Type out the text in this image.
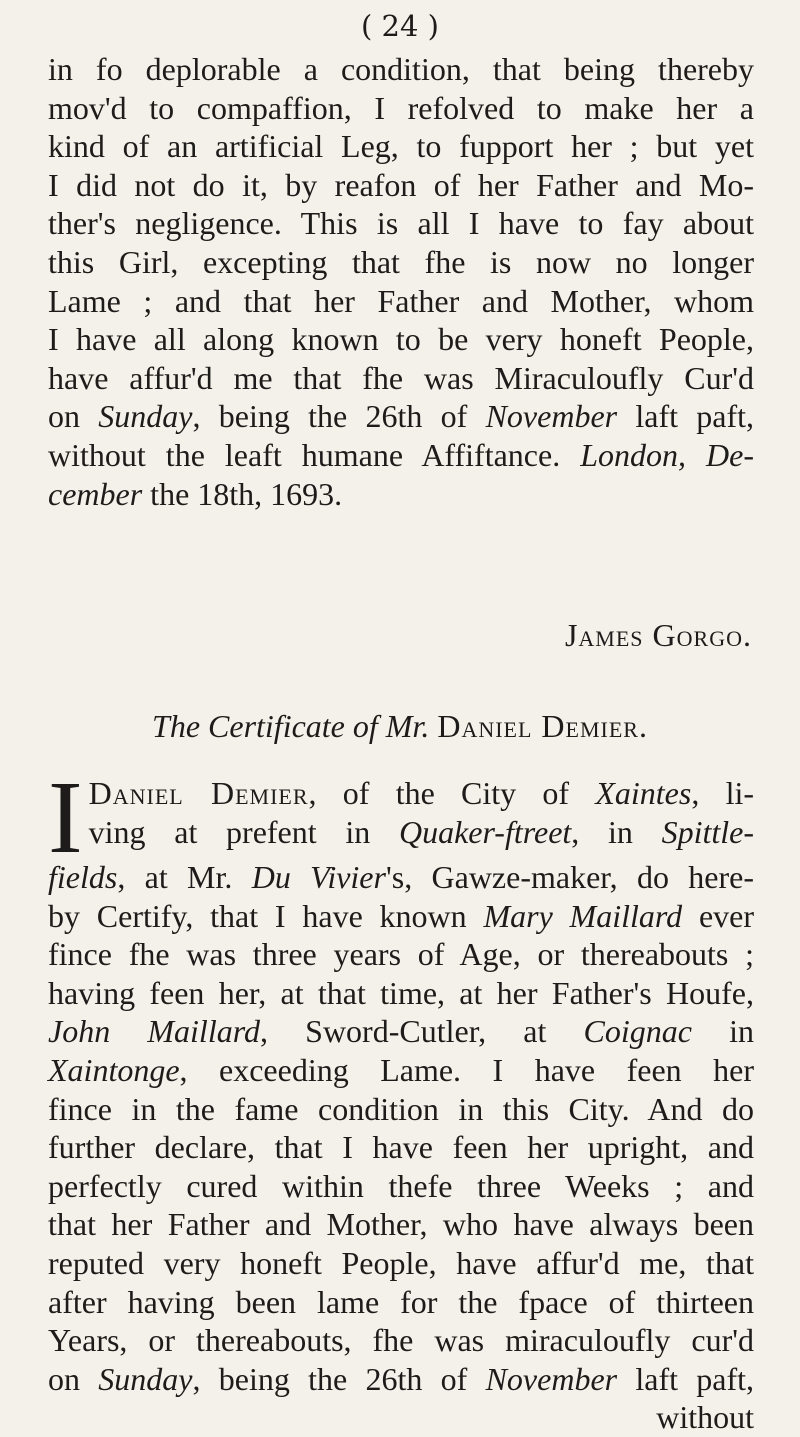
( 24 )
in fo deplorable a condition, that being thereby
mov'd to compaffion, I refolved to make her a
kind of an artificial Leg, to fupport her ; but yet
I did not do it, by reafon of her Father and Mo-
ther's negligence. This is all I have to fay about
this Girl, excepting that fhe is now no longer
Lame ; and that her Father and Mother, whom
I have all along known to be very honeft People,
have affur'd me that fhe was Miraculoufly Cur'd
on Sunday, being the 26th of November laft paft,
without the leaft humane Affiftance. London, De-
cember the 18th, 1693.
James Gorgo.
The Certificate of Mr. Daniel Demier.
I Daniel Demier, of the City of Xaintes, li-
ving at prefent in Quaker-ftreet, in Spittle-
fields, at Mr. Du Vivier's, Gawze-maker, do here-
by Certify, that I have known Mary Maillard ever
fince fhe was three years of Age, or thereabouts ;
having feen her, at that time, at her Father's Houfe,
John Maillard, Sword-Cutler, at Coignac in
Xaintonge, exceeding Lame. I have feen her
fince in the fame condition in this City. And do
further declare, that I have feen her upright, and
perfectly cured within thefe three Weeks ; and
that her Father and Mother, who have always been
reputed very honeft People, have affur'd me, that
after having been lame for the fpace of thirteen
Years, or thereabouts, fhe was miraculoufly cur'd
on Sunday, being the 26th of November laft paft,
without
